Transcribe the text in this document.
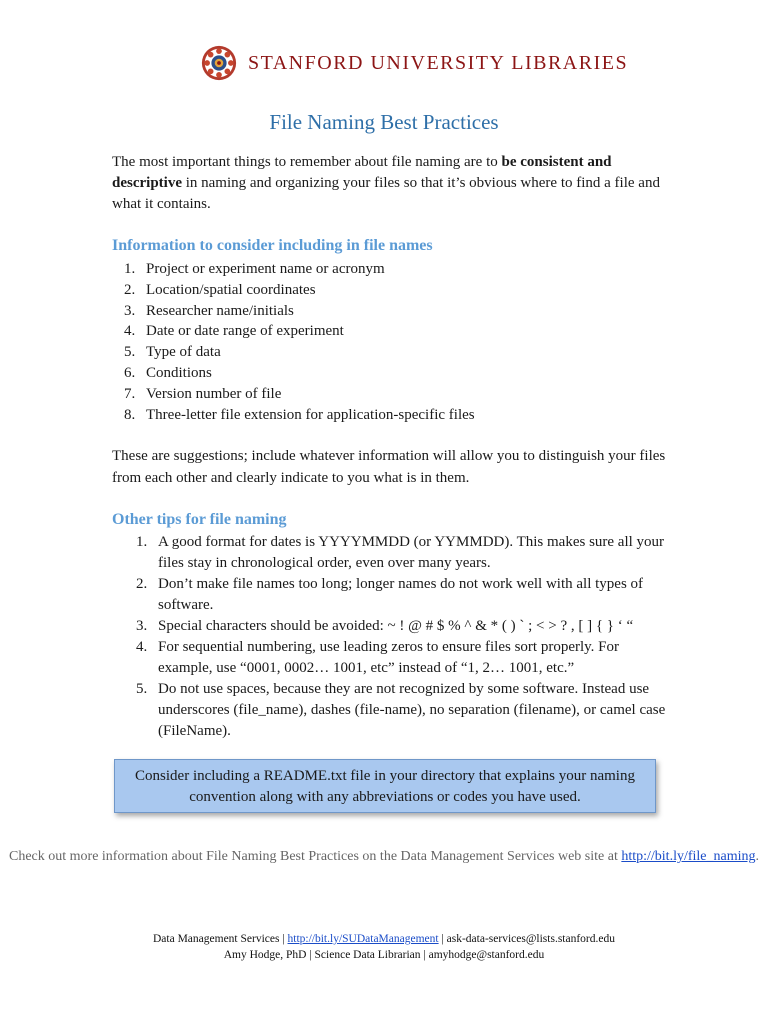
STANFORD UNIVERSITY LIBRARIES
File Naming Best Practices

The most important things to remember about file naming are to be consistent and descriptive in naming and organizing your files so that it’s obvious where to find a file and what it contains.

Information to consider including in file names
1. Project or experiment name or acronym
2. Location/spatial coordinates
3. Researcher name/initials
4. Date or date range of experiment
5. Type of data
6. Conditions
7. Version number of file
8. Three-letter file extension for application-specific files

These are suggestions; include whatever information will allow you to distinguish your files from each other and clearly indicate to you what is in them.

Other tips for file naming
1. A good format for dates is YYYYMMDD (or YYMMDD). This makes sure all your files stay in chronological order, even over many years.
2. Don’t make file names too long; longer names do not work well with all types of software.
3. Special characters should be avoided: ~ ! @ # $ % ^ & * ( ) ` ; < > ? , [ ] { } ‘ “
4. For sequential numbering, use leading zeros to ensure files sort properly. For example, use “0001, 0002… 1001, etc” instead of “1, 2… 1001, etc.”
5. Do not use spaces, because they are not recognized by some software. Instead use underscores (file_name), dashes (file-name), no separation (filename), or camel case (FileName).
Consider including a README.txt file in your directory that explains your naming convention along with any abbreviations or codes you have used.
Check out more information about File Naming Best Practices on the Data Management Services web site at http://bit.ly/file_naming.
Data Management Services | http://bit.ly/SUDataManagement | ask-data-services@lists.stanford.edu
Amy Hodge, PhD | Science Data Librarian | amyhodge@stanford.edu
